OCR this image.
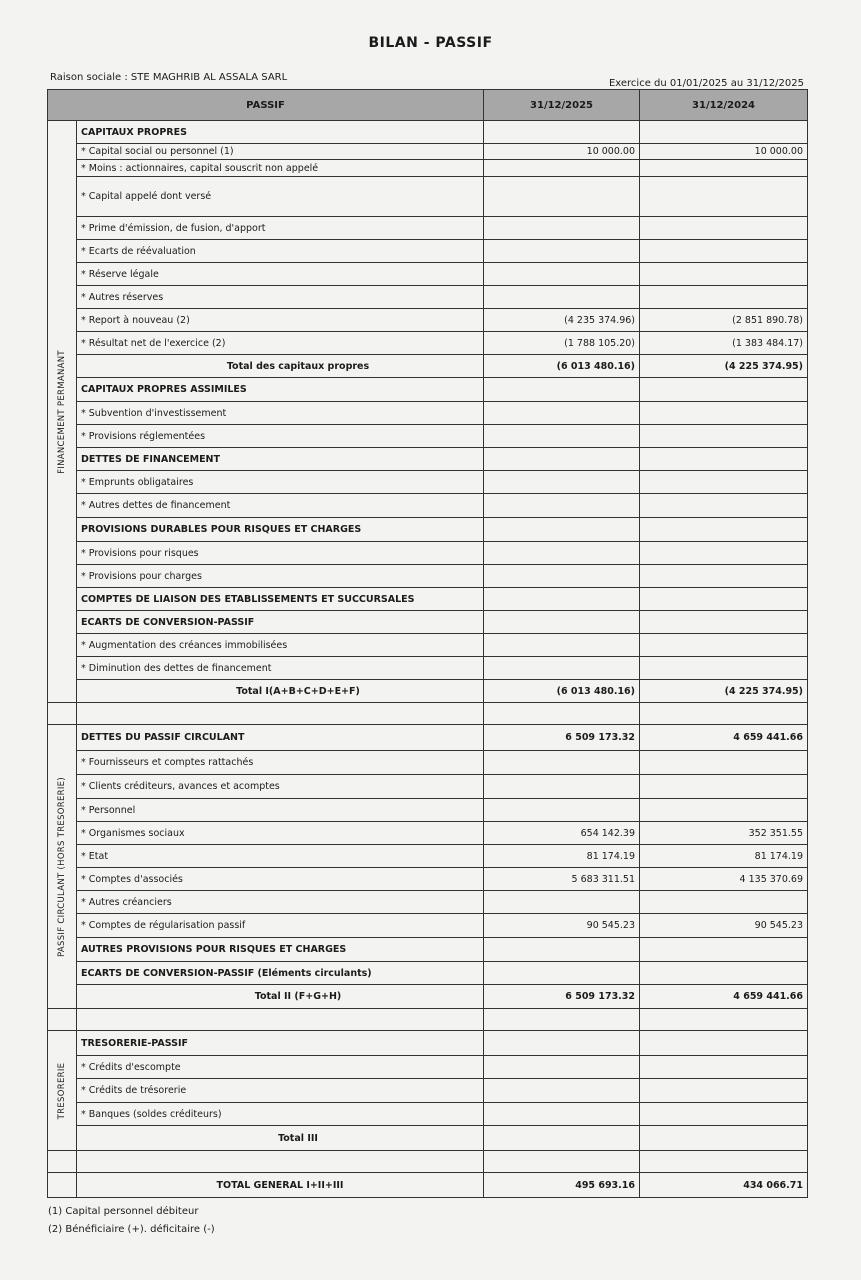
BILAN - PASSIF
Raison sociale : STE MAGHRIB AL ASSALA SARL
Exercice du 01/01/2025 au 31/12/2025
PASSIF		31/12/2025	31/12/2024

FINANCEMENT PERMANANT	CAPITAUX PROPRES		
	* Capital social ou personnel (1)	10 000.00	10 000.00
	* Moins : actionnaires, capital souscrit non appelé		
	* Capital appelé dont versé		
	* Prime d'émission, de fusion, d'apport		
	* Ecarts de réévaluation		
	* Réserve légale		
	* Autres réserves		
	* Report à nouveau (2)	(4 235 374.96)	(2 851 890.78)
	* Résultat net de l'exercice (2)	(1 788 105.20)	(1 383 484.17)
	Total des capitaux propres	(6 013 480.16)	(4 225 374.95)
	CAPITAUX PROPRES ASSIMILES		
	* Subvention d'investissement		
	* Provisions réglementées		
	DETTES DE FINANCEMENT		
	* Emprunts obligataires		
	* Autres dettes de financement		
	PROVISIONS DURABLES POUR RISQUES ET CHARGES		
	* Provisions pour risques		
	* Provisions pour charges		
	COMPTES DE LIAISON DES ETABLISSEMENTS ET SUCCURSALES		
	ECARTS DE CONVERSION-PASSIF		
	* Augmentation des créances immobilisées		
	* Diminution des dettes de financement		
	Total I(A+B+C+D+E+F)	(6 013 480.16)	(4 225 374.95)

PASSIF CIRCULANT (HORS TRESORERIE)	DETTES DU PASSIF CIRCULANT	6 509 173.32	4 659 441.66
	* Fournisseurs et comptes rattachés		
	* Clients créditeurs, avances et acomptes		
	* Personnel		
	* Organismes sociaux	654 142.39	352 351.55
	* Etat	81 174.19	81 174.19
	* Comptes d'associés	5 683 311.51	4 135 370.69
	* Autres créanciers		
	* Comptes de régularisation passif	90 545.23	90 545.23
	AUTRES PROVISIONS POUR RISQUES ET CHARGES		
	ECARTS DE CONVERSION-PASSIF (Eléments circulants)		
	Total II (F+G+H)	6 509 173.32	4 659 441.66

TRESORERIE	TRESORERIE-PASSIF		
	* Crédits d'escompte		
	* Crédits de trésorerie		
	* Banques (soldes créditeurs)		
	Total III		

	TOTAL GENERAL I+II+III	495 693.16	434 066.71
(1) Capital personnel débiteur
(2) Bénéficiaire (+). déficitaire (-)
